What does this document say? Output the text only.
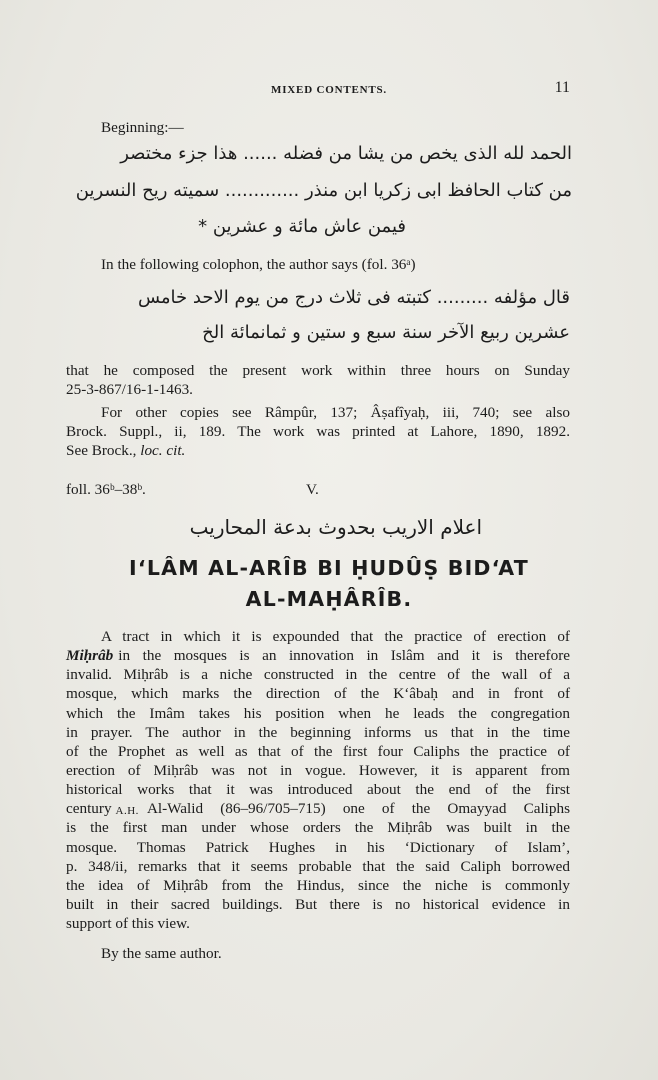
MIXED CONTENTS.	11
Beginning:—
الحمد لله الذی یخص من یشا من فضله ...... هذا جزء مختصر
من کتاب الحافظ ابی زکریا ابن منذر ............. سمیته ریح النسرین
فیمن عاش مائة و عشرین *
In the following colophon, the author says (fol. 36ᵃ)
قال مؤلفه ......... کتبته فی ثلاث درج من یوم الاحد خامس
عشرین ربیع الآخر سنة سبع و ستین و ثمانمائة الخ
that he composed the present work within three hours on Sunday
25-3-867/16-1-1463.
For other copies see Râmpûr, 137; Âṣafîyaḥ, iii, 740; see also
Brock. Suppl., ii, 189. The work was printed at Lahore, 1890, 1892.
See Brock., loc. cit.
foll. 36ᵇ–38ᵇ.	V.
اعلام الاریب بحدوث بدعة المحاریب
I‘LÂM AL-ARÎB BI ḤUDÛṢ BID‘AT
AL-MAḤÂRÎB.
A tract in which it is expounded that the practice of erection of
Miḥrâb in the mosques is an innovation in Islâm and it is therefore
invalid. Miḥrâb is a niche constructed in the centre of the wall of a
mosque, which marks the direction of the K‘âbaḥ and in front of
which the Imâm takes his position when he leads the congregation
in prayer. The author in the beginning informs us that in the time
of the Prophet as well as that of the first four Caliphs the practice of
erection of Miḥrâb was not in vogue. However, it is apparent from
historical works that it was introduced about the end of the first
century A.H. Al-Walid (86–96/705–715) one of the Omayyad Caliphs
is the first man under whose orders the Miḥrâb was built in the
mosque. Thomas Patrick Hughes in his ‘Dictionary of Islam’,
p. 348/ii, remarks that it seems probable that the said Caliph borrowed
the idea of Miḥrâb from the Hindus, since the niche is commonly
built in their sacred buildings. But there is no historical evidence in
support of this view.
By the same author.
